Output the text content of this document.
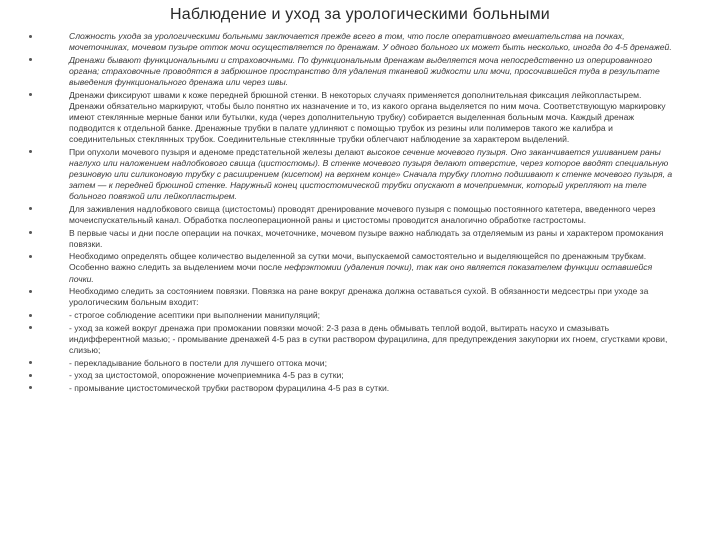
Наблюдение и уход за урологическими больными
Сложность ухода за урологическими больными заключается прежде всего в том, что после оперативного вмешательства на почках, мочеточниках, мочевом пузыре отток мочи осуществляется по дренажам. У одного больного их может быть несколько, иногда до 4-5 дренажей.
Дренажи бывают функциональными и страховочными. По функциональным дренажам выделяется моча непосредственно из оперированного органа; страховочные проводятся в забрюшное пространство для удаления тканевой жидкости или мочи, просочившейся туда в результате выведения функционального дренажа или через швы.
Дренажи фиксируют швами к коже передней брюшной стенки. В некоторых случаях применяется дополнительная фиксация лейкопластырем. Дренажи обязательно маркируют, чтобы было понятно их назначение и то, из какого органа выделяется по ним моча. Соответствующую маркировку имеют стеклянные мерные банки или бутылки, куда (через дополнительную трубку) собирается выделенная больным моча. Каждый дренаж подводится к отдельной банке. Дренажные трубки в палате удлиняют с помощью трубок из резины или полимеров такого же калибра и соединительных стеклянных трубок. Соединительные стеклянные трубки облегчают наблюдение за характером выделений.
При опухоли мочевого пузыря и аденоме предстательной железы делают высокое сечение мочевого пузыря. Оно заканчивается ушиванием раны наглухо или наложением надлобкового свища (цистостомы). В стенке мочевого пузыря делают отверстие, через которое вводят специальную резиновую или силиконовую трубку с расширением (кисетом) на верхнем конце» Сначала трубку плотно подшивают к стенке мочевого пузыря, а затем — к передней брюшной стенке. Наружный конец цистостомической трубки опускают в мочеприемник, который укрепляют на теле больного повязкой или лейкопластырем.
Для заживления надлобкового свища (цистостомы) проводят дренирование мочевого пузыря с помощью постоянного катетера, введенного через мочеиспускательный канал. Обработка послеоперационной раны и цистостомы проводится аналогично обработке гастростомы.
В первые часы и дни после операции на почках, мочеточнике, мочевом пузыре важно наблюдать за отделяемым из раны и характером промокания повязки.
Необходимо определять общее количество выделенной за сутки мочи, выпускаемой самостоятельно и выделяющейся по дренажным трубкам. Особенно важно следить за выделением мочи после нефрэктомии (удаления почки), так как оно является показателем функции оставшейся почки.
Необходимо следить за состоянием повязки. Повязка на ране вокруг дренажа должна оставаться сухой. В обязанности медсестры при уходе за урологическим больным входит:
- строгое соблюдение асептики при выполнении манипуляций;
- уход за кожей вокруг дренажа при промокании повязки мочой: 2-3 раза в день обмывать теплой водой, вытирать насухо и смазывать индифферентной мазью; - промывание дренажей 4-5 раз в сутки раствором фурацилина, для предупреждения закупорки их гноем, сгустками крови, слизью;
- перекладывание больного в постели для лучшего оттока мочи;
- уход за цистостомой, опорожнение мочеприемника 4-5 раз в сутки;
- промывание цистостомической трубки раствором фурацилина 4-5 раз в сутки.
